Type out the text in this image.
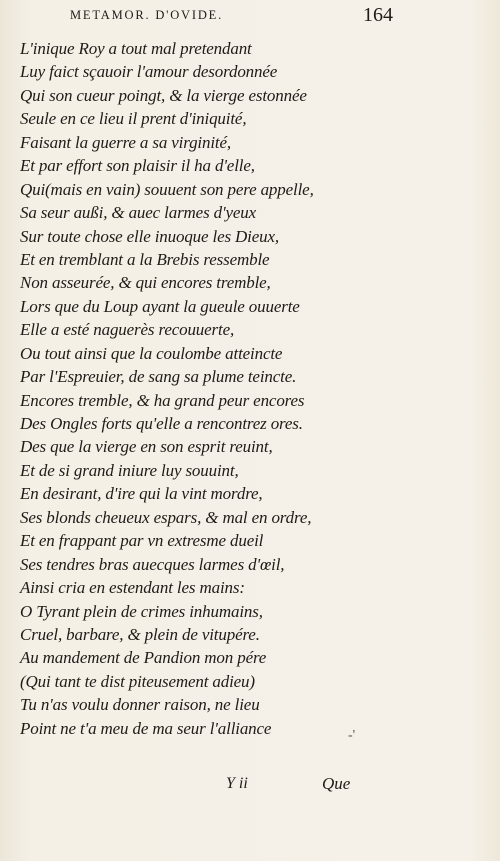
METAMOR. D'OVIDE.	164
L'inique Roy a tout mal pretendant
Luy faict sçauoir l'amour desordonnée
Qui son cueur poingt, & la vierge estonnée
Seule en ce lieu il prent d'iniquité,
Faisant la guerre a sa virginité,
Et par effort son plaisir il ha d'elle,
Qui(mais en vain) souuent son pere appelle,
Sa seur außi, & auec larmes d'yeux
Sur toute chose elle inuoque les Dieux,
Et en tremblant a la Brebis ressemble
Non asseurée, & qui encores tremble,
Lors que du Loup ayant la gueule ouuerte
Elle a esté naguerès recouuerte,
Ou tout ainsi que la coulombe atteincte
Par l'Espreuier, de sang sa plume teincte.
Encores tremble, & ha grand peur encores
Des Ongles forts qu'elle a rencontrez ores.
Des que la vierge en son esprit reuint,
Et de si grand iniure luy souuint,
En desirant, d'ire qui la vint mordre,
Ses blonds cheueux espars, & mal en ordre,
Et en frappant par vn extresme dueil
Ses tendres bras auecques larmes d'œil,
Ainsi cria en estendant les mains:
O Tyrant plein de crimes inhumains,
Cruel, barbare, & plein de vitupére.
Au mandement de Pandion mon pére
(Qui tant te dist piteusement adieu)
Tu n'as voulu donner raison, ne lieu
Point ne t'a meu de ma seur l'alliance	-'
Y ii	Que
